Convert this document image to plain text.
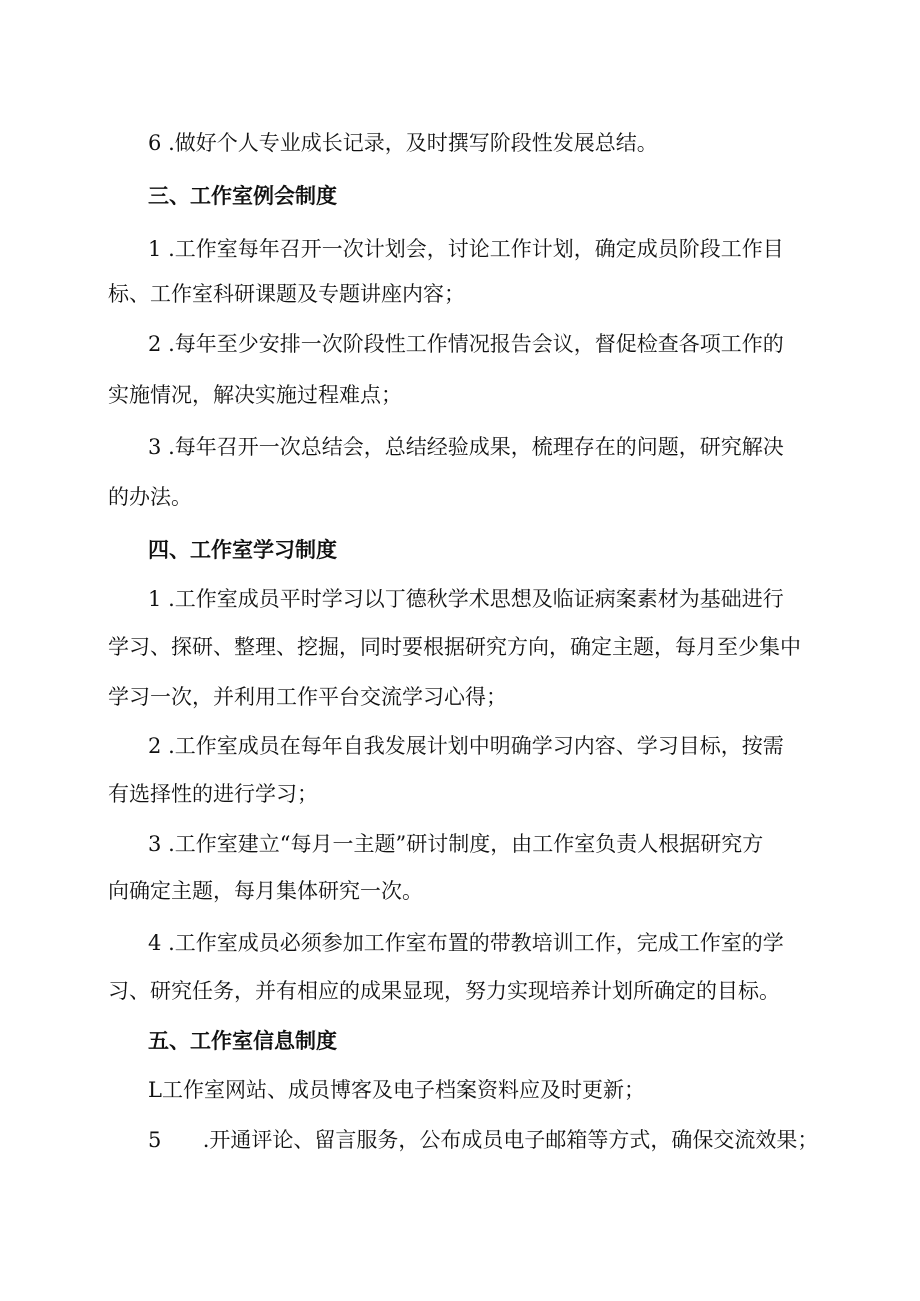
6 .做好个人专业成长记录，及时撰写阶段性发展总结。
三、工作室例会制度
1 .工作室每年召开一次计划会，讨论工作计划，确定成员阶段工作目
标、工作室科研课题及专题讲座内容；
2 .每年至少安排一次阶段性工作情况报告会议，督促检查各项工作的
实施情况，解决实施过程难点；
3 .每年召开一次总结会，总结经验成果，梳理存在的问题，研究解决
的办法。
四、工作室学习制度
1 .工作室成员平时学习以丁德秋学术思想及临证病案素材为基础进行
学习、探研、整理、挖掘，同时要根据研究方向，确定主题，每月至少集中
学习一次，并利用工作平台交流学习心得；
2 .工作室成员在每年自我发展计划中明确学习内容、学习目标，按需
有选择性的进行学习；
3 .工作室建立“每月一主题”研讨制度，由工作室负责人根据研究方
向确定主题，每月集体研究一次。
4 .工作室成员必须参加工作室布置的带教培训工作，完成工作室的学
习、研究任务，并有相应的成果显现，努力实现培养计划所确定的目标。
五、工作室信息制度
L工作室网站、成员博客及电子档案资料应及时更新；
5 .开通评论、留言服务，公布成员电子邮箱等方式，确保交流效果；
